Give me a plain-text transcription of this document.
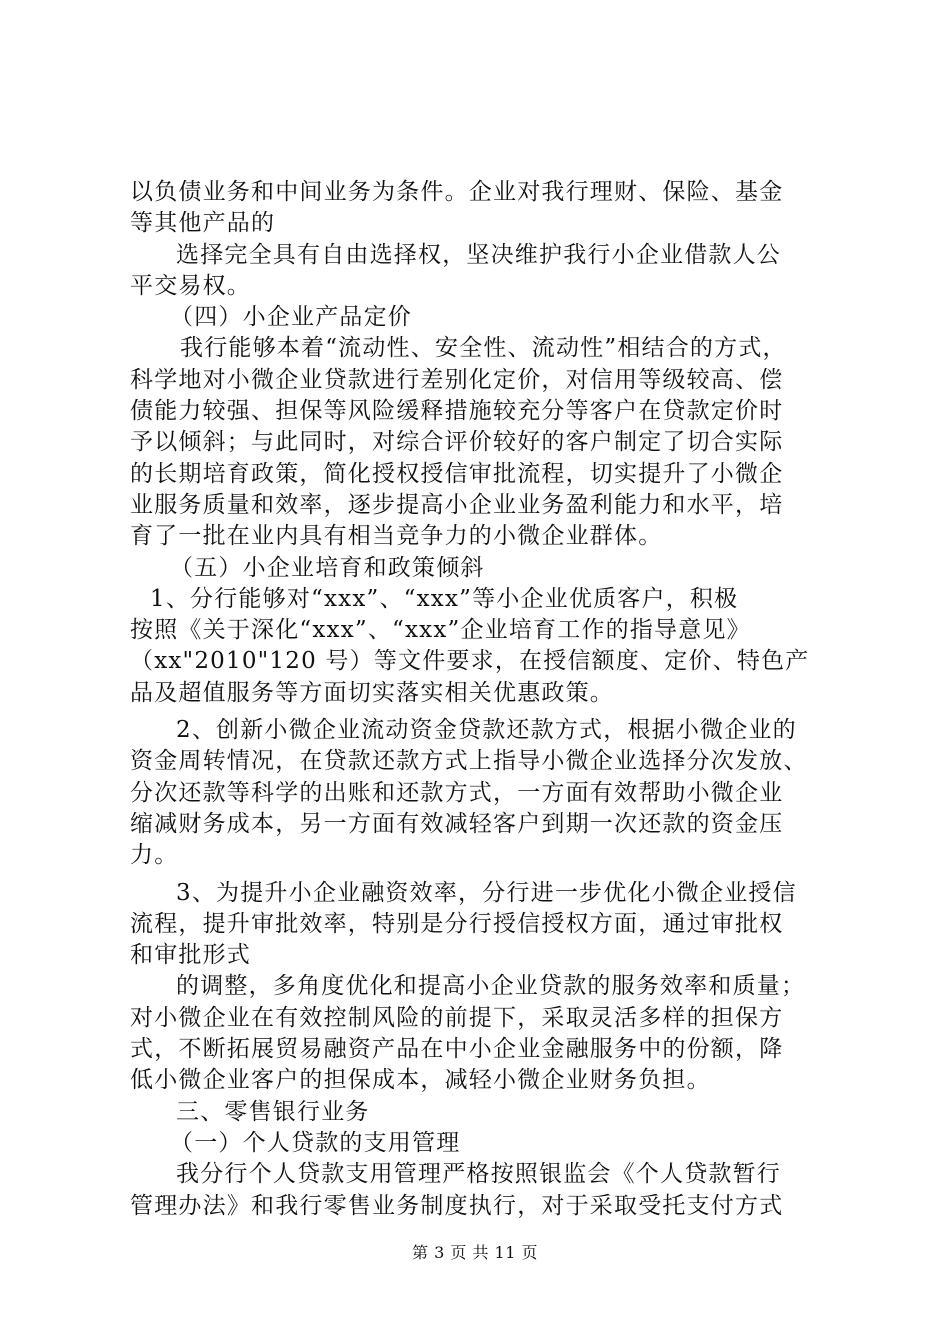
以负债业务和中间业务为条件。企业对我行理财、保险、基金
等其他产品的
选择完全具有自由选择权，坚决维护我行小企业借款人公
平交易权。
（四）小企业产品定价
我行能够本着“流动性、安全性、流动性”相结合的方式，
科学地对小微企业贷款进行差别化定价，对信用等级较高、偿
债能力较强、担保等风险缓释措施较充分等客户在贷款定价时
予以倾斜；与此同时，对综合评价较好的客户制定了切合实际
的长期培育政策，简化授权授信审批流程，切实提升了小微企
业服务质量和效率，逐步提高小企业业务盈利能力和水平，培
育了一批在业内具有相当竞争力的小微企业群体。
（五）小企业培育和政策倾斜
1、分行能够对“xxx”、“xxx”等小企业优质客户，积极
按照《关于深化“xxx”、“xxx”企业培育工作的指导意见》
（xx"2010"120 号）等文件要求，在授信额度、定价、特色产
品及超值服务等方面切实落实相关优惠政策。
2、创新小微企业流动资金贷款还款方式，根据小微企业的
资金周转情况，在贷款还款方式上指导小微企业选择分次发放、
分次还款等科学的出账和还款方式，一方面有效帮助小微企业
缩减财务成本，另一方面有效减轻客户到期一次还款的资金压
力。
3、为提升小企业融资效率，分行进一步优化小微企业授信
流程，提升审批效率，特别是分行授信授权方面，通过审批权
和审批形式
的调整，多角度优化和提高小企业贷款的服务效率和质量；
对小微企业在有效控制风险的前提下，采取灵活多样的担保方
式，不断拓展贸易融资产品在中小企业金融服务中的份额，降
低小微企业客户的担保成本，减轻小微企业财务负担。
三、零售银行业务
（一）个人贷款的支用管理
我分行个人贷款支用管理严格按照银监会《个人贷款暂行
管理办法》和我行零售业务制度执行，对于采取受托支付方式
第 3 页 共 11 页
